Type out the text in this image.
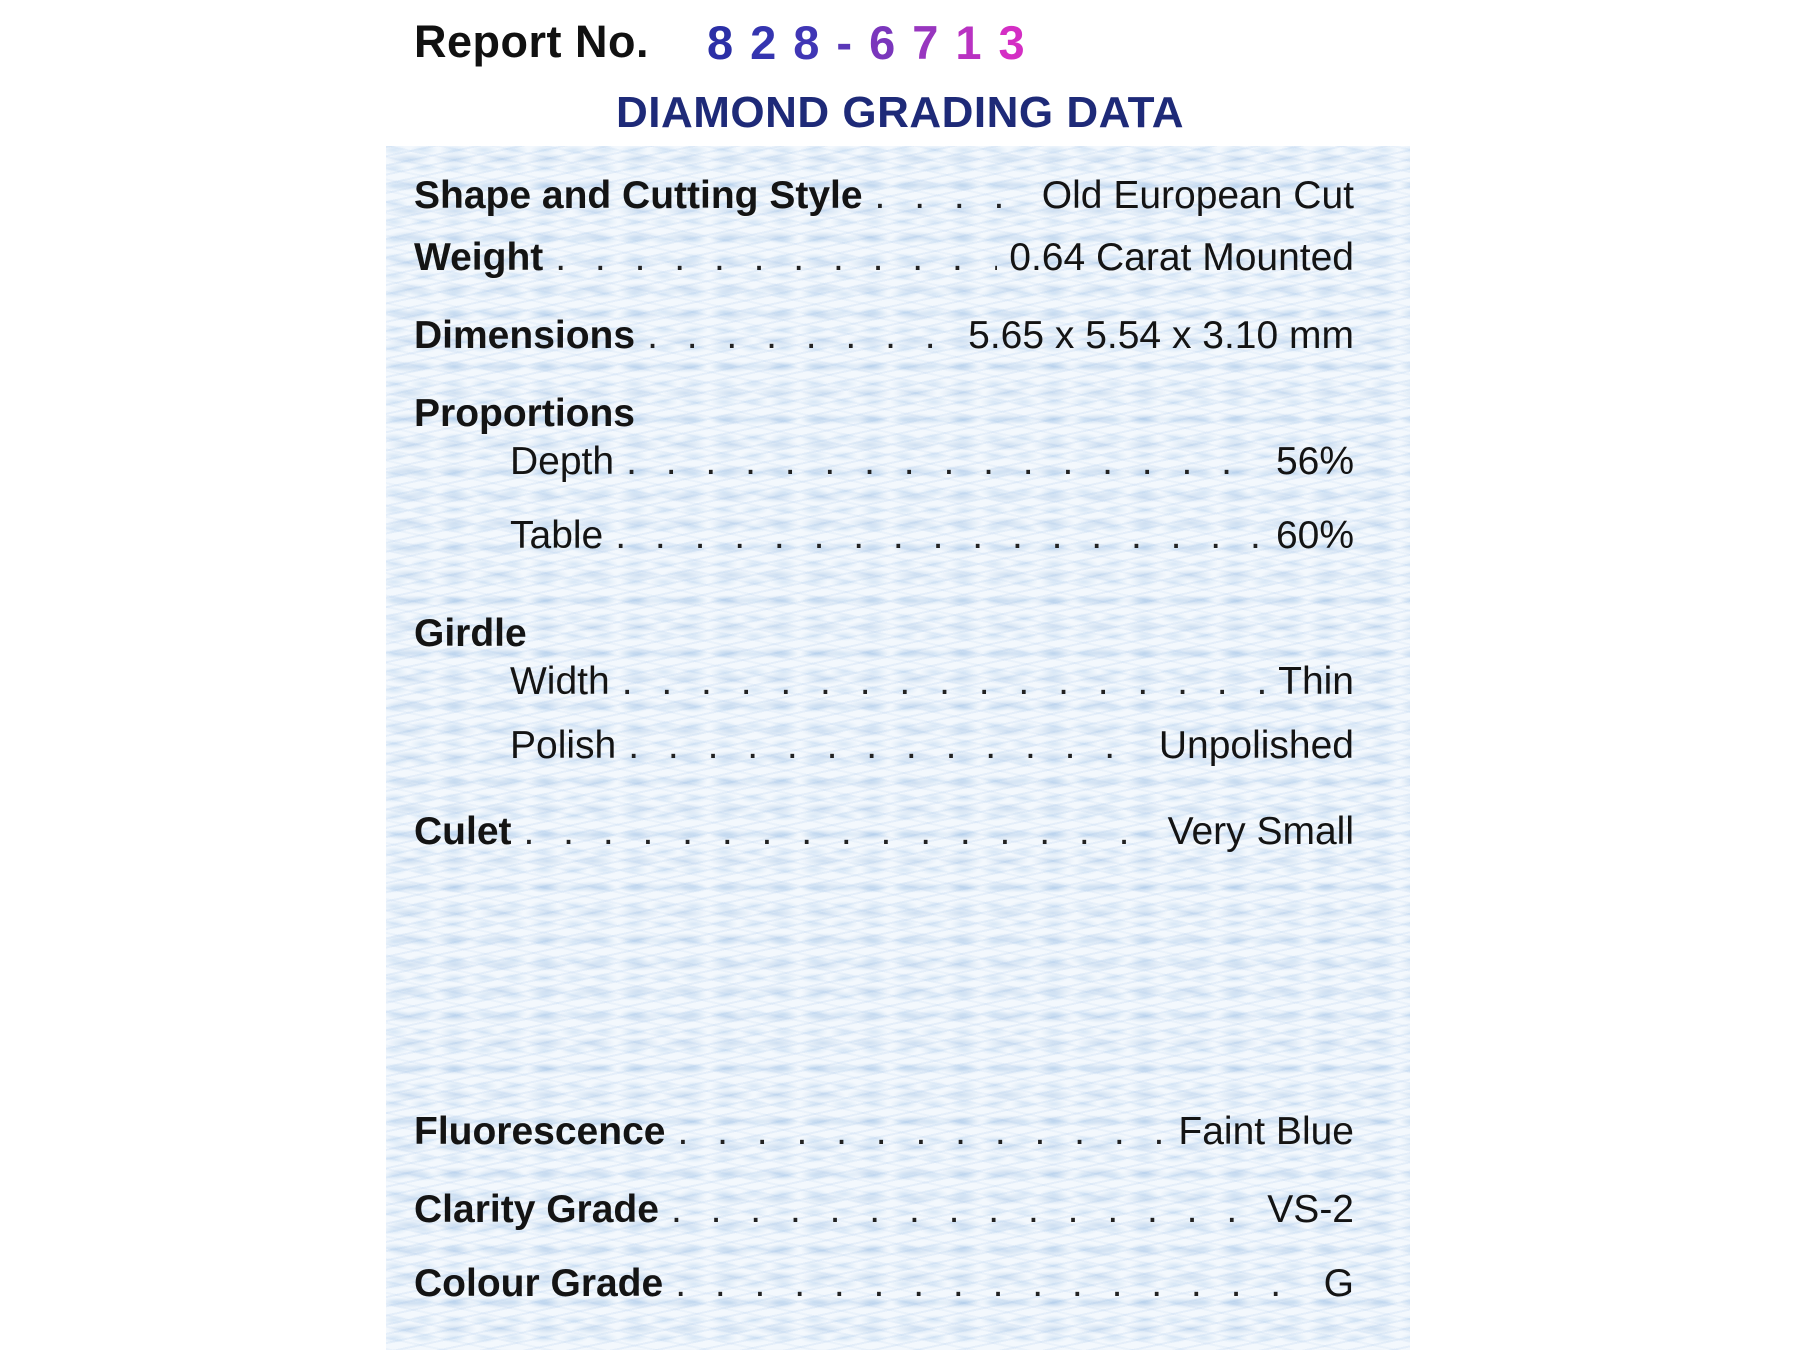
Report No. 8 2 8 - 6 7 1 3
DIAMOND GRADING DATA
Shape and Cutting Style . . .	Old European Cut
Weight . . .	0.64 Carat Mounted
Dimensions . . .	5.65 x 5.54 x 3.10 mm
Proportions
Depth . . .	56%
Table . . .	60%
Girdle
Width . . .	Thin
Polish . . .	Unpolished
Culet . . .	Very Small
Fluorescence . . .	Faint Blue
Clarity Grade . . .	VS-2
Colour Grade . . .	G
